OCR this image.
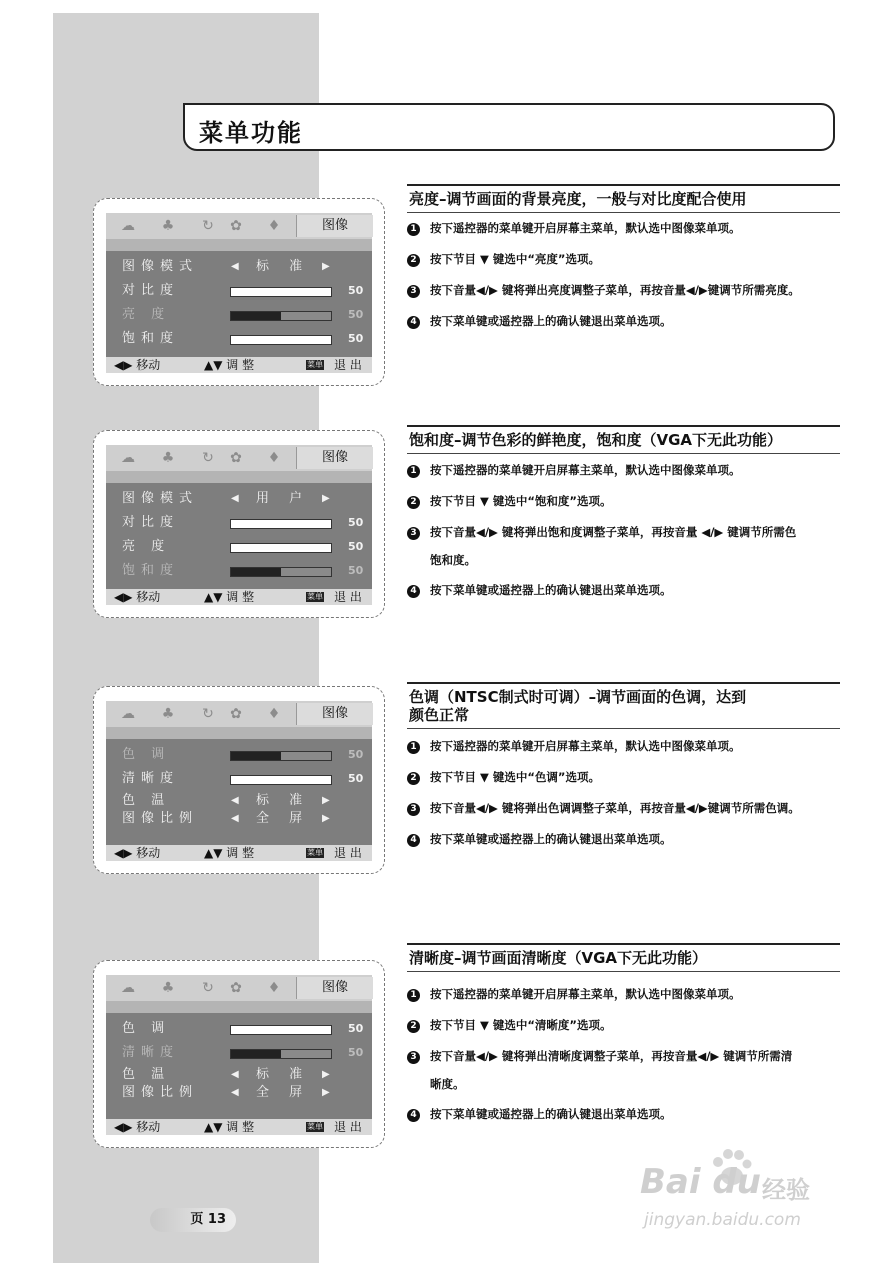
菜单功能
☁ ♣ ↻ ✿ ♦	图像
图像模式	◀ 标 准 ▶
对比度	50
亮 度	50
饱和度	50
◀▶ 移动	▲▼ 调 整	菜单 退 出
亮度–调节画面的背景亮度，一般与对比度配合使用
1 按下遥控器的菜单键开启屏幕主菜单，默认选中图像菜单项。
2 按下节目 ▼ 键选中“亮度”选项。
3 按下音量◀/▶ 键将弹出亮度调整子菜单，再按音量◀/▶键调节所需亮度。
4 按下菜单键或遥控器上的确认键退出菜单选项。
☁ ♣ ↻ ✿ ♦	图像
图像模式	◀ 用 户 ▶
对比度	50
亮 度	50
饱和度	50
◀▶ 移动	▲▼ 调 整	菜单 退 出
饱和度–调节色彩的鲜艳度，饱和度（VGA下无此功能）
1 按下遥控器的菜单键开启屏幕主菜单，默认选中图像菜单项。
2 按下节目 ▼ 键选中“饱和度”选项。
3 按下音量◀/▶ 键将弹出饱和度调整子菜单，再按音量 ◀/▶ 键调节所需色
饱和度。
4 按下菜单键或遥控器上的确认键退出菜单选项。
☁ ♣ ↻ ✿ ♦	图像
色 调	50
清晰度	50
色 温	◀ 标 准 ▶
图像比例	◀ 全 屏 ▶
◀▶ 移动	▲▼ 调 整	菜单 退 出
色调（NTSC制式时可调）–调节画面的色调，达到
颜色正常
1 按下遥控器的菜单键开启屏幕主菜单，默认选中图像菜单项。
2 按下节目 ▼ 键选中“色调”选项。
3 按下音量◀/▶ 键将弹出色调调整子菜单，再按音量◀/▶键调节所需色调。
4 按下菜单键或遥控器上的确认键退出菜单选项。
☁ ♣ ↻ ✿ ♦	图像
色 调	50
清晰度	50
色 温	◀ 标 准 ▶
图像比例	◀ 全 屏 ▶
◀▶ 移动	▲▼ 调 整	菜单 退 出
清晰度–调节画面清晰度（VGA下无此功能）
1 按下遥控器的菜单键开启屏幕主菜单，默认选中图像菜单项。
2 按下节目 ▼ 键选中“清晰度”选项。
3 按下音量◀/▶ 键将弹出清晰度调整子菜单，再按音量◀/▶ 键调节所需清
晰度。
4 按下菜单键或遥控器上的确认键退出菜单选项。
页 13
Bai du 经验
jingyan.baidu.com
